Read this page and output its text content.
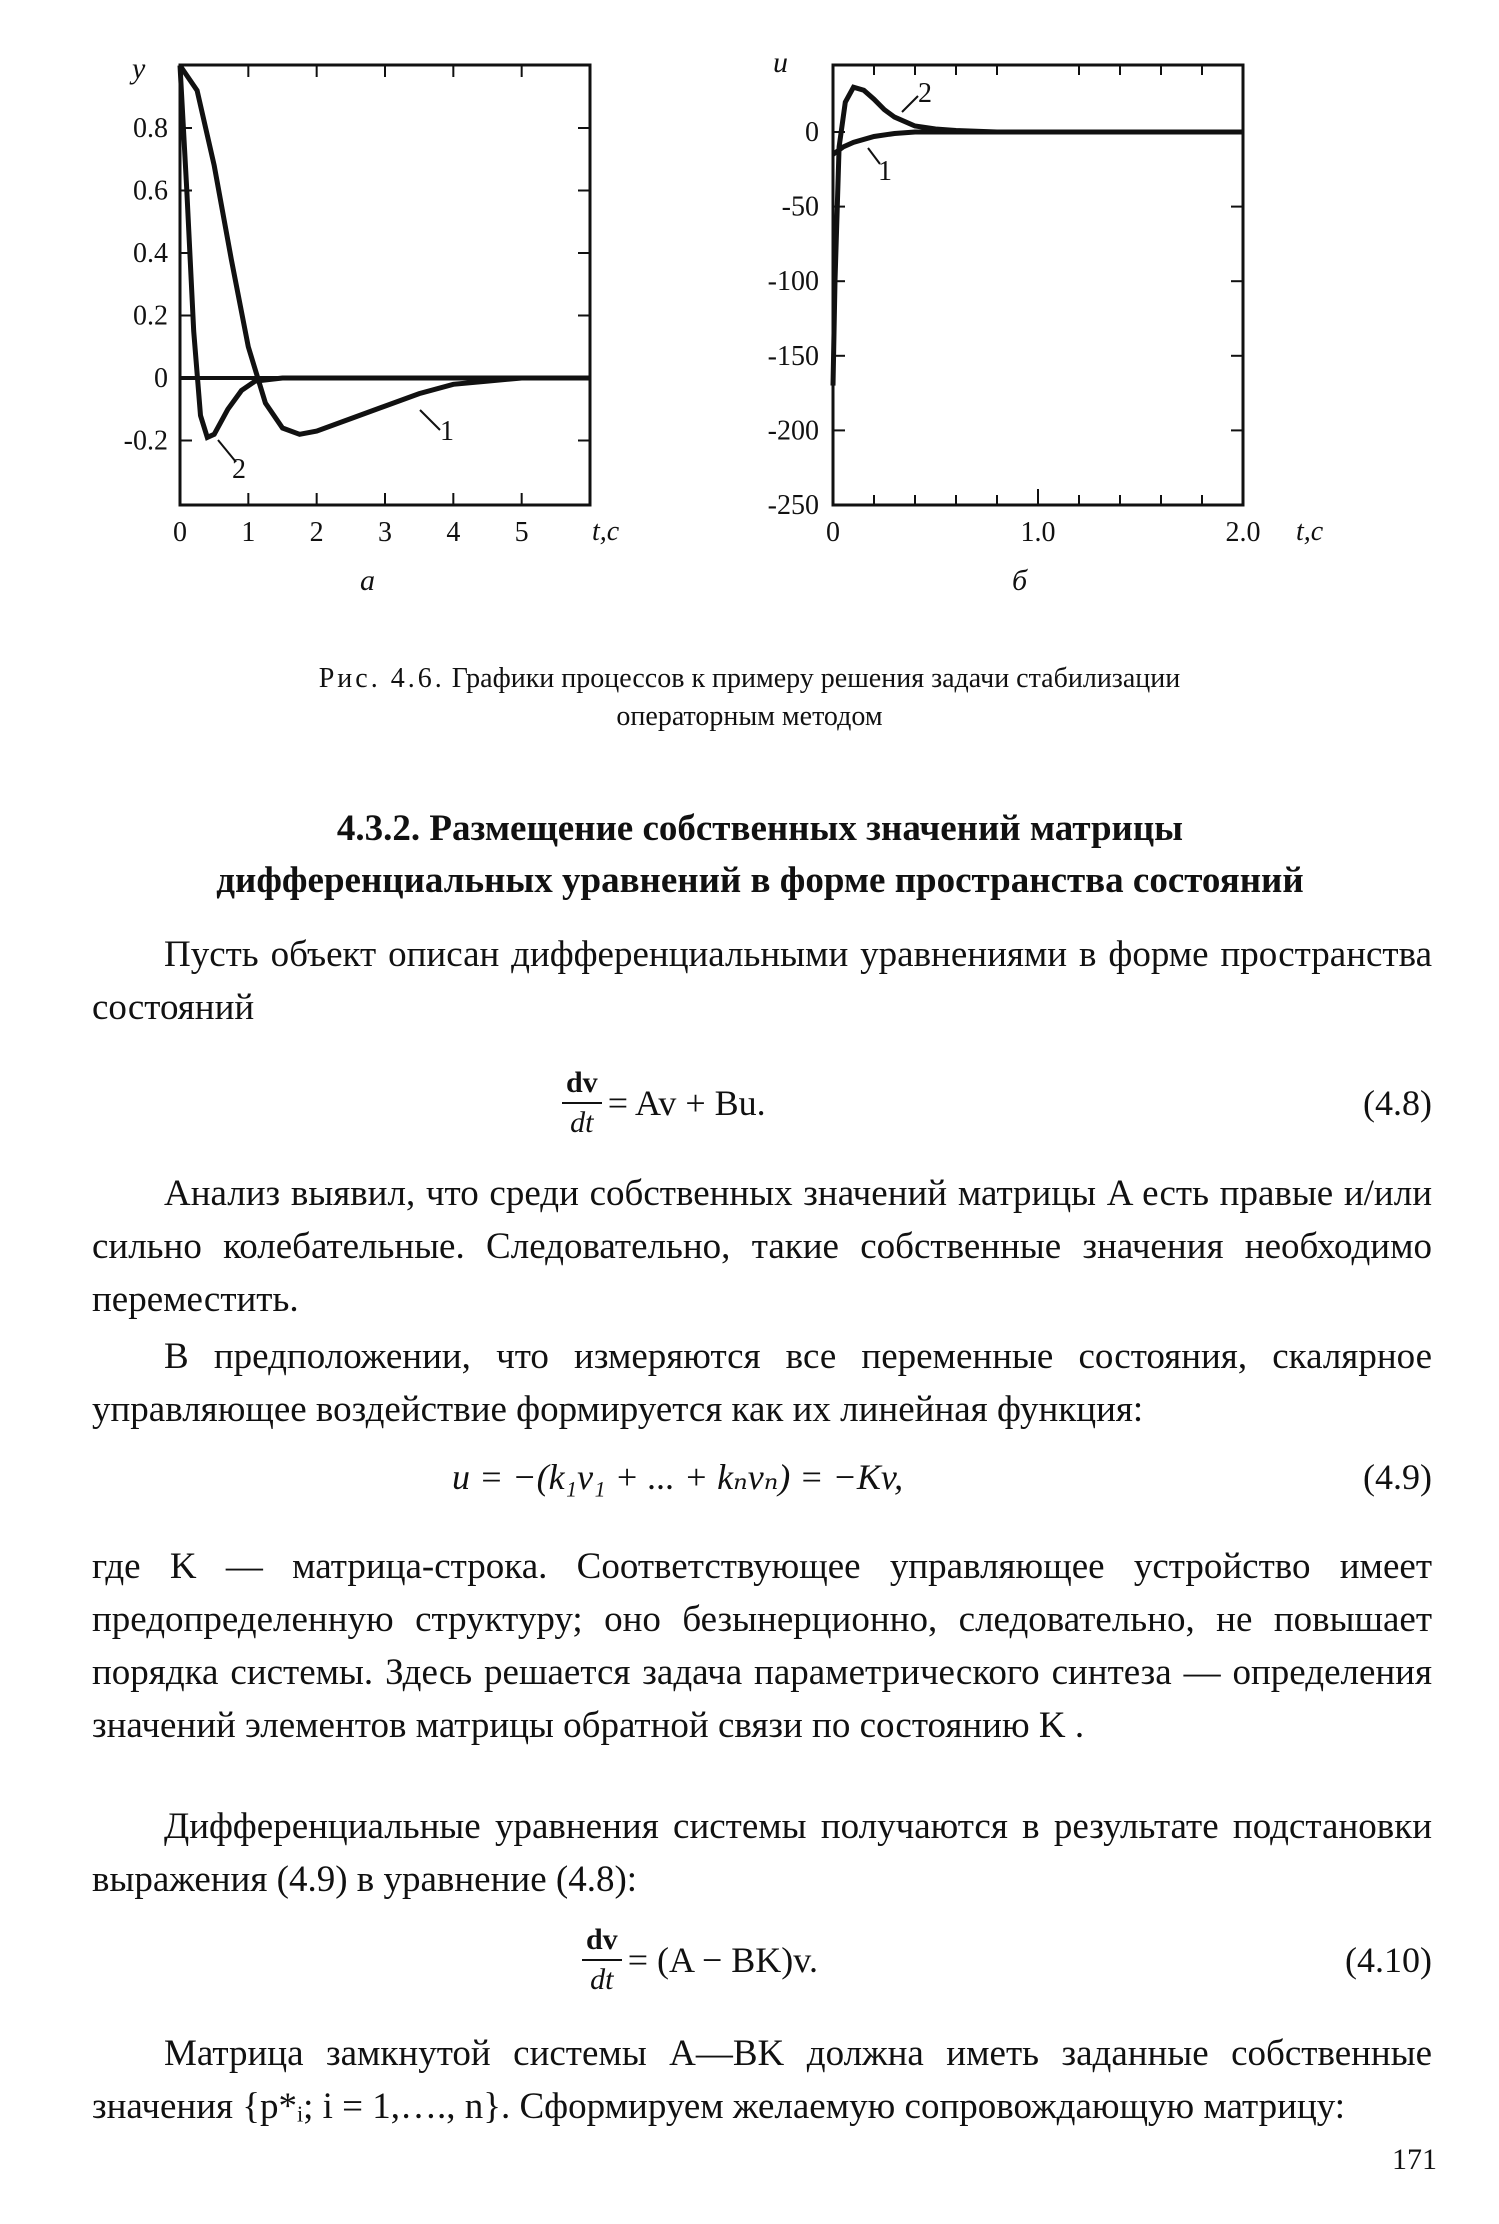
0.8
0.6
0.4
0.2
0
-0.2
0 1 2 3 4 5
1
2
y
t,c
а
0
-50
-100
-150
-200
-250
0	1.0	2.0
2
1
u
t,c
б
Рис. 4.6. Графики процессов к примеру решения задачи стабилизации
операторным методом
4.3.2. Размещение собственных значений матрицы
дифференциальных уравнений в форме пространства состояний

Пусть объект описан дифференциальными уравнениями в форме пространства состояний

$\frac{dv}{dt} = Av + Bu$.	(4.8)

Анализ выявил, что среди собственных значений матрицы A есть правые и/или сильно колебательные. Следовательно, такие собственные значения необходимо переместить.

В предположении, что измеряются все переменные состояния, скалярное управляющее воздействие формируется как их линейная функция:

u = −(k₁v₁ + ... + kₙvₙ) = −Kv,	(4.9)

где K — матрица-строка. Соответствующее управляющее устройство имеет предопределенную структуру; оно безынерционно, следовательно, не повышает порядка системы. Здесь решается задача параметрического синтеза — определения значений элементов матрицы обратной связи по состоянию K .

Дифференциальные уравнения системы получаются в результате подстановки выражения (4.9) в уравнение (4.8):

$\frac{dv}{dt} = (A - BK)v$.	(4.10)

Матрица замкнутой системы A—BK должна иметь заданные собственные значения {p*ᵢ; i = 1,…., n}. Сформируем желаемую сопровождающую матрицу:

171
